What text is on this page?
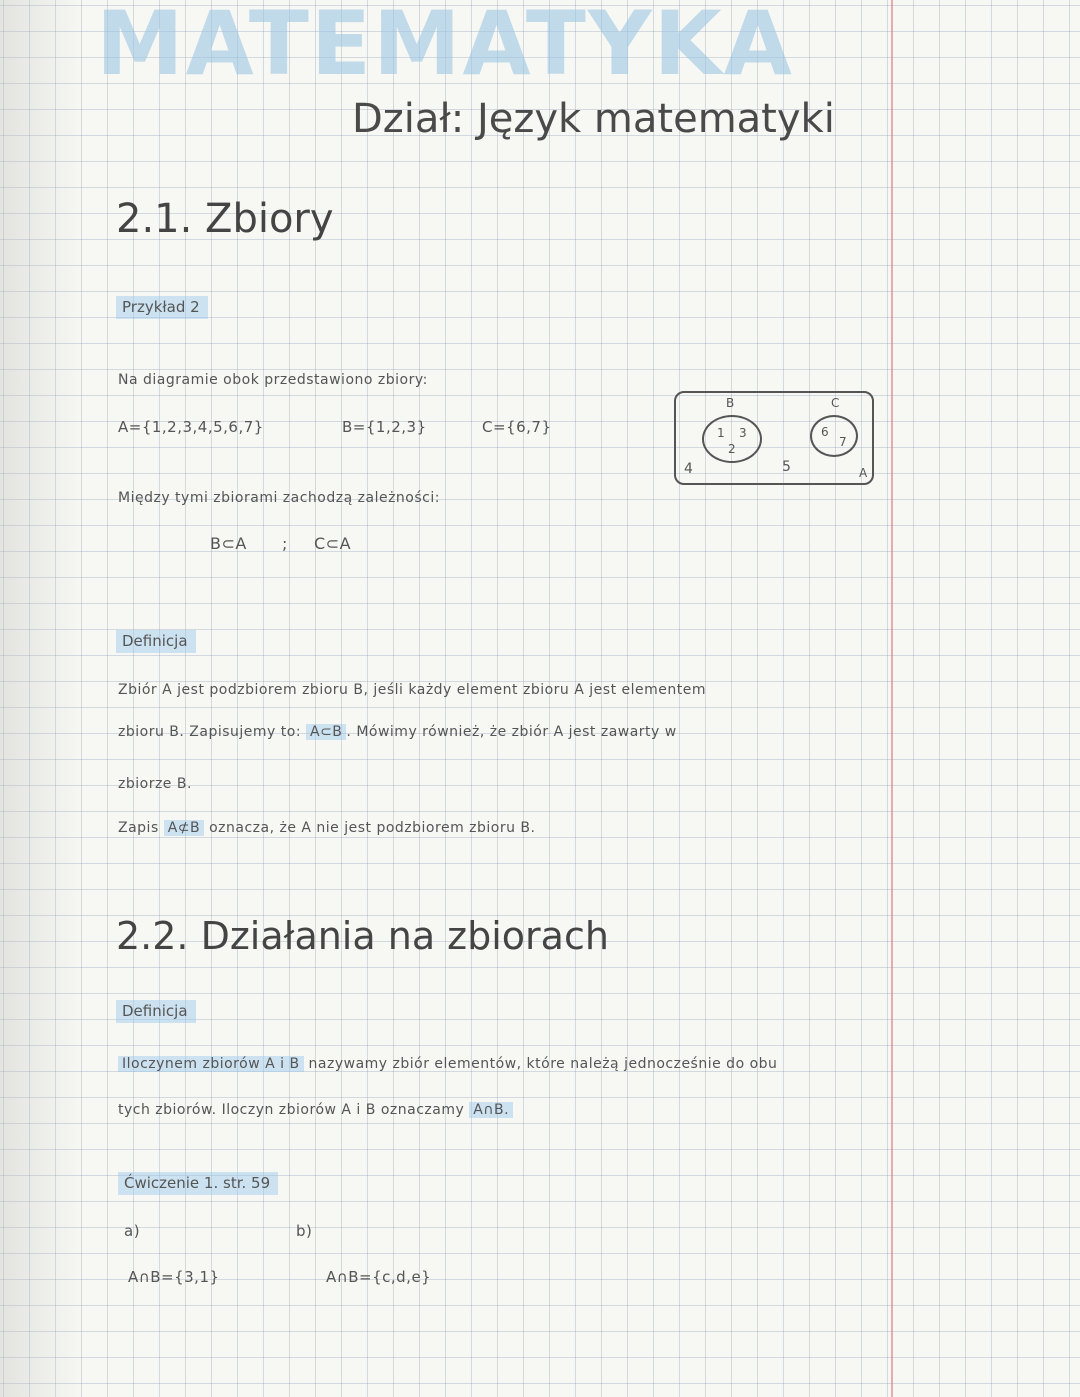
MATEMATYKA
Dział: Język matematyki
2.1. Zbiory
Przykład 2
Na diagramie obok przedstawiono zbiory:
A={1,2,3,4,5,6,7}	B={1,2,3}	C={6,7}
A
1 3
2
B
6
7
C
4	5
Między tymi zbiorami zachodzą zależności:
B⊂A ; C⊂A
Definicja
Zbiór A jest podzbiorem zbioru B, jeśli każdy element zbioru A jest elementem
zbioru B. Zapisujemy to: A⊂B . Mówimy również, że zbiór A jest zawarty w
zbiorze B.
Zapis A⊄B oznacza, że A nie jest podzbiorem zbioru B.
2.2. Działania na zbiorach
Definicja
Iloczynem zbiorów A i B nazywamy zbiór elementów, które należą jednocześnie do obu
tych zbiorów. Iloczyn zbiorów A i B oznaczamy A∩B.
Ćwiczenie 1. str. 59
a)	b)
A∩B={3,1}	A∩B={c,d,e}
